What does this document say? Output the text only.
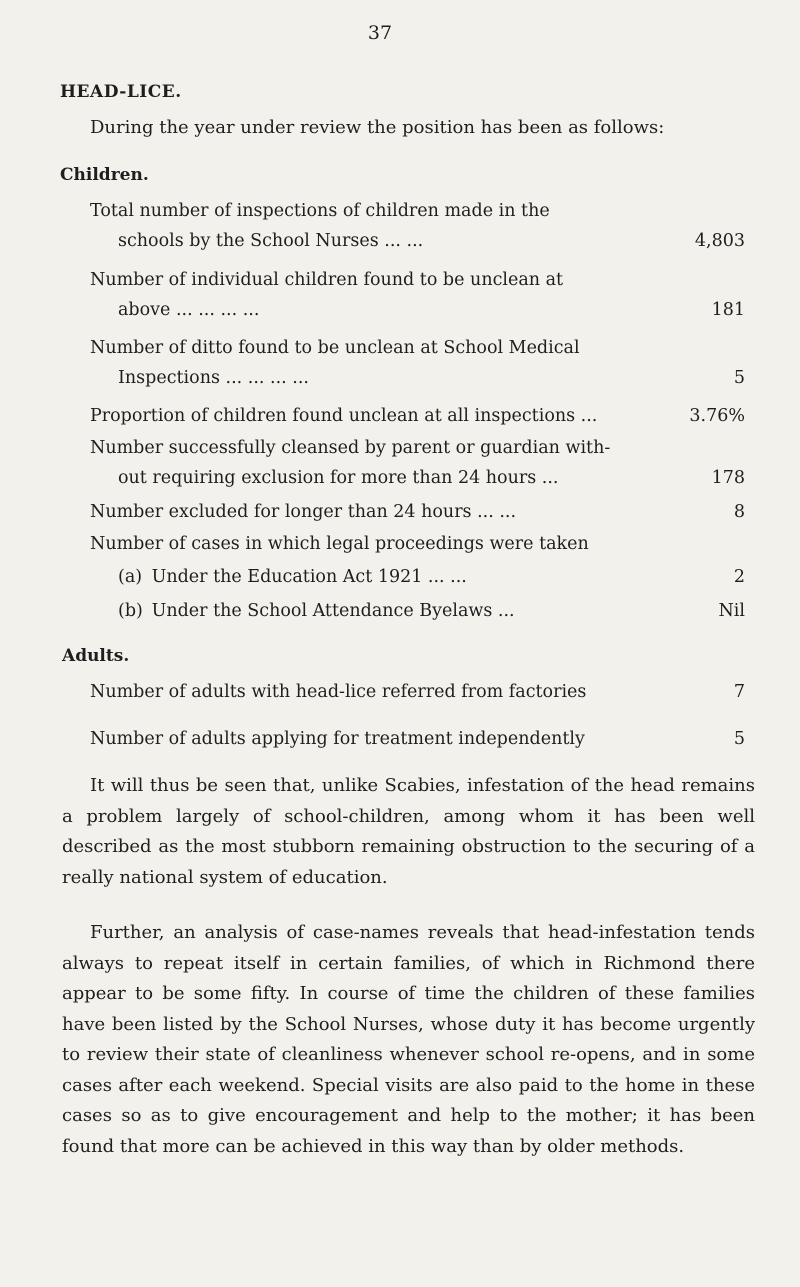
37
HEAD-LICE.
During the year under review the position has been as follows:
Children.
Total number of inspections of children made in the
schools by the School Nurses ... ...	4,803
Number of individual children found to be unclean at
above ... ... ... ...	181
Number of ditto found to be unclean at School Medical
Inspections ... ... ... ...	5
Proportion of children found unclean at all inspections ...	3.76%
Number successfully cleansed by parent or guardian with-
out requiring exclusion for more than 24 hours ...	178
Number excluded for longer than 24 hours ... ...	8
Number of cases in which legal proceedings were taken
(a) Under the Education Act 1921 ... ...	2
(b) Under the School Attendance Byelaws ...	Nil
Adults.
Number of adults with head-lice referred from factories	7
Number of adults applying for treatment independently	5

It will thus be seen that, unlike Scabies, infestation of the head remains a problem largely of school-children, among whom it has been well described as the most stubborn remaining obstruction to the securing of a really national system of education.

Further, an analysis of case-names reveals that head-infestation tends always to repeat itself in certain families, of which in Richmond there appear to be some fifty. In course of time the children of these families have been listed by the School Nurses, whose duty it has become urgently to review their state of cleanliness whenever school re-opens, and in some cases after each weekend. Special visits are also paid to the home in these cases so as to give encouragement and help to the mother; it has been found that more can be achieved in this way than by older methods.
